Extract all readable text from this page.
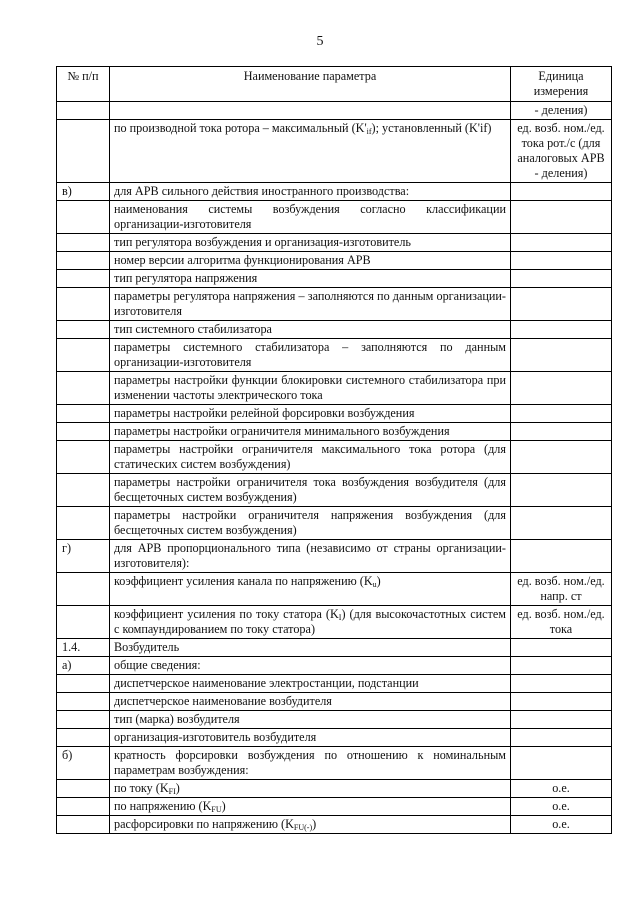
5
№ п/п	Наименование параметра	Единица измерения
		- деления)
	по производной тока ротора – максимальный $(K'_{if})$; установленный (K'if)	ед. возб. ном./ед. тока рот./с (для аналоговых АРВ - деления)
в)	для АРВ сильного действия иностранного производства:	
	наименования системы возбуждения согласно классификации организации-изготовителя	
	тип регулятора возбуждения и организация-изготовитель	
	номер версии алгоритма функционирования АРВ	
	тип регулятора напряжения	
	параметры регулятора напряжения – заполняются по данным организации-изготовителя	
	тип системного стабилизатора	
	параметры системного стабилизатора – заполняются по данным организации-изготовителя	
	параметры настройки функции блокировки системного стабилизатора при изменении частоты электрического тока	
	параметры настройки релейной форсировки возбуждения	
	параметры настройки ограничителя минимального возбуждения	
	параметры настройки ограничителя максимального тока ротора (для статических систем возбуждения)	
	параметры настройки ограничителя тока возбуждения возбудителя (для бесщеточных систем возбуждения)	
	параметры настройки ограничителя напряжения возбуждения (для бесщеточных систем возбуждения)	
г)	для АРВ пропорционального типа (независимо от страны организации-изготовителя):	
	коэффициент усиления канала по напряжению $(K_u)$	ед. возб. ном./ед. напр. ст
	коэффициент усиления по току статора $(K_I)$ (для высокочастотных систем с компаундированием по току статора)	ед. возб. ном./ед. тока
1.4.	Возбудитель	
а)	общие сведения:	
	диспетчерское наименование электростанции, подстанции	
	диспетчерское наименование возбудителя	
	тип (марка) возбудителя	
	организация-изготовитель возбудителя	
б)	кратность форсировки возбуждения по отношению к номинальным параметрам возбуждения:	
	по току $(K_{FI})$	о.е.
	по напряжению $(K_{FU})$	о.е.
	расфорсировки по напряжению $(K_{FU(-)})$	о.е.
